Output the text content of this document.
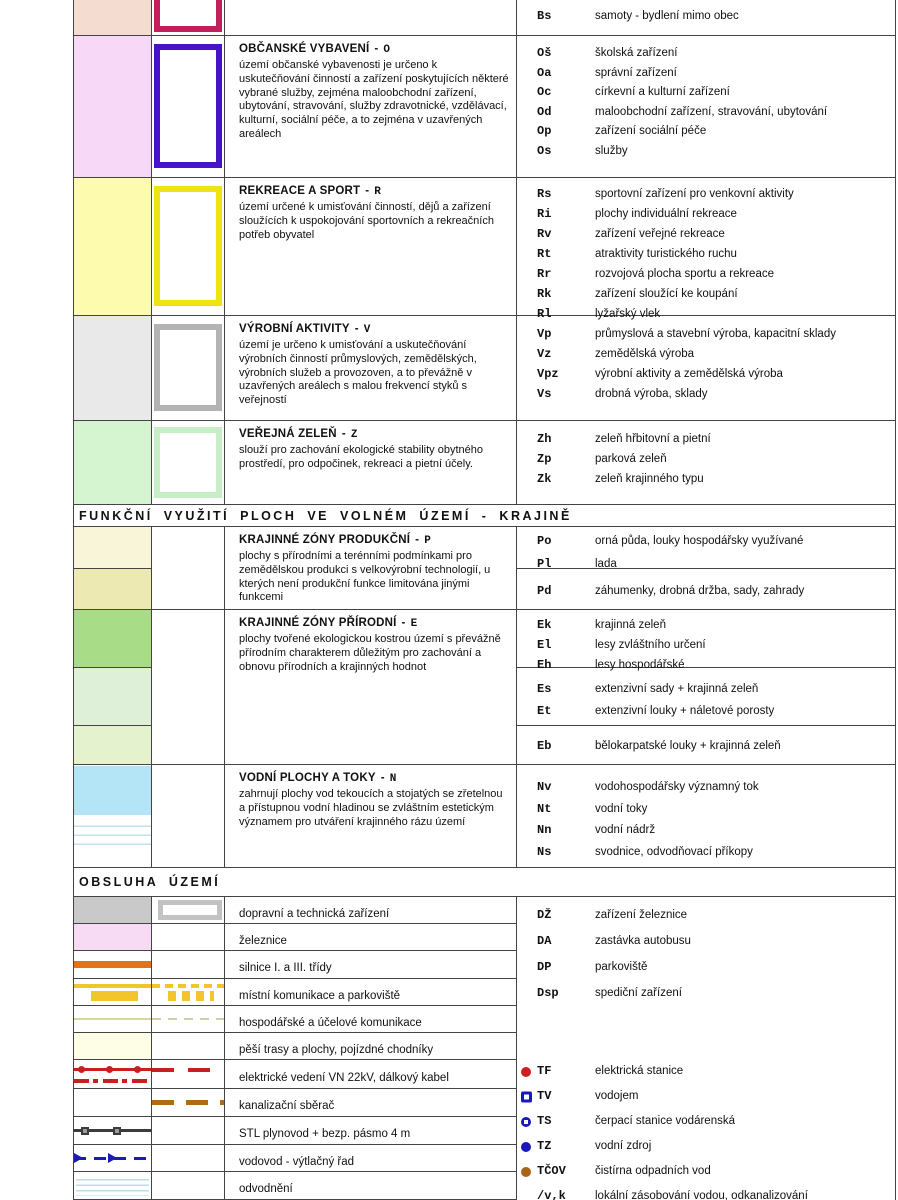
Bs	samoty - bydlení mimo obec
OBČANSKÉ VYBAVENÍ - O
území občanské vybavenosti je určeno k uskutečňování činností a zařízení poskytujících některé vybrané služby, zejména maloobchodní zařízení, ubytování, stravování, služby zdravotnické, vzdělávací, kulturní, sociální péče, a to zejména v uzavřených areálech
Oš	školská zařízení
Oa	správní zařízení
Oc	církevní a kulturní zařízení
Od	maloobchodní zařízení, stravování, ubytování
Op	zařízení sociální péče
Os	služby
REKREACE A SPORT - R
území určené k umisťování činností, dějů a zařízení sloužících k uspokojování sportovních a rekreačních potřeb obyvatel
Rs	sportovní zařízení pro venkovní aktivity
Ri	plochy individuální rekreace
Rv	zařízení veřejné rekreace
Rt	atraktivity turistického ruchu
Rr	rozvojová plocha sportu a rekreace
Rk	zařízení sloužící ke koupání
Rl	lyžařský vlek
VÝROBNÍ AKTIVITY - V
území je určeno k umisťování a uskutečňování výrobních činností průmyslových, zemědělských, výrobních služeb a provozoven, a to převážně v uzavřených areálech s malou frekvencí styků s veřejností
Vp	průmyslová a stavební výroba, kapacitní sklady
Vz	zemědělská výroba
Vpz	výrobní aktivity a zemědělská výroba
Vs	drobná výroba, sklady
VEŘEJNÁ ZELEŇ - Z
slouží pro zachování ekologické stability obytného prostředí, pro odpočinek, rekreaci a pietní účely.
Zh	zeleň hřbitovní a pietní
Zp	parková zeleň
Zk	zeleň krajinného typu
FUNKČNÍ VYUŽITÍ PLOCH VE VOLNÉM ÚZEMÍ - KRAJINĚ
KRAJINNÉ ZÓNY PRODUKČNÍ - P
plochy s přírodními a terénními podmínkami pro zemědělskou produkci s velkovýrobní technologií, u kterých není produkční funkce limitována jinými funkcemi
Po	orná půda, louky hospodářsky využívané
Pl	lada
Pd	záhumenky, drobná držba, sady, zahrady
KRAJINNÉ ZÓNY PŘÍRODNÍ - E
plochy tvořené ekologickou kostrou území s převážně přírodním charakterem důležitým pro zachování a obnovu přírodních a krajinných hodnot
Ek	krajinná zeleň
El	lesy zvláštního určení
Eh	lesy hospodářské
Es	extenzivní sady + krajinná zeleň
Et	extenzivní louky + náletové porosty
Eb	bělokarpatské louky + krajinná zeleň
VODNÍ PLOCHY A TOKY - N
zahrnují plochy vod tekoucích a stojatých se zřetelnou a přístupnou vodní hladinou se zvláštním estetickým významem pro utváření krajinného rázu území
Nv	vodohospodářsky významný tok
Nt	vodní toky
Nn	vodní nádrž
Ns	svodnice, odvodňovací příkopy
OBSLUHA ÚZEMÍ
dopravní a technická zařízení
železnice
silnice I. a III. třídy
místní komunikace a parkoviště
hospodářské a účelové komunikace
pěší trasy a plochy, pojízdné chodníky
elektrické vedení VN 22kV, dálkový kabel
kanalizační sběrač
STL plynovod + bezp. pásmo 4 m
vodovod - výtlačný řad
odvodnění
DŽ	zařízení železnice
DA	zastávka autobusu
DP	parkoviště
Dsp	spediční zařízení
TF	elektrická stanice
TV	vodojem
TS	čerpací stanice vodárenská
TZ	vodní zdroj
TČOV	čistírna odpadních vod
/v,k	lokální zásobování vodou, odkanalizování
